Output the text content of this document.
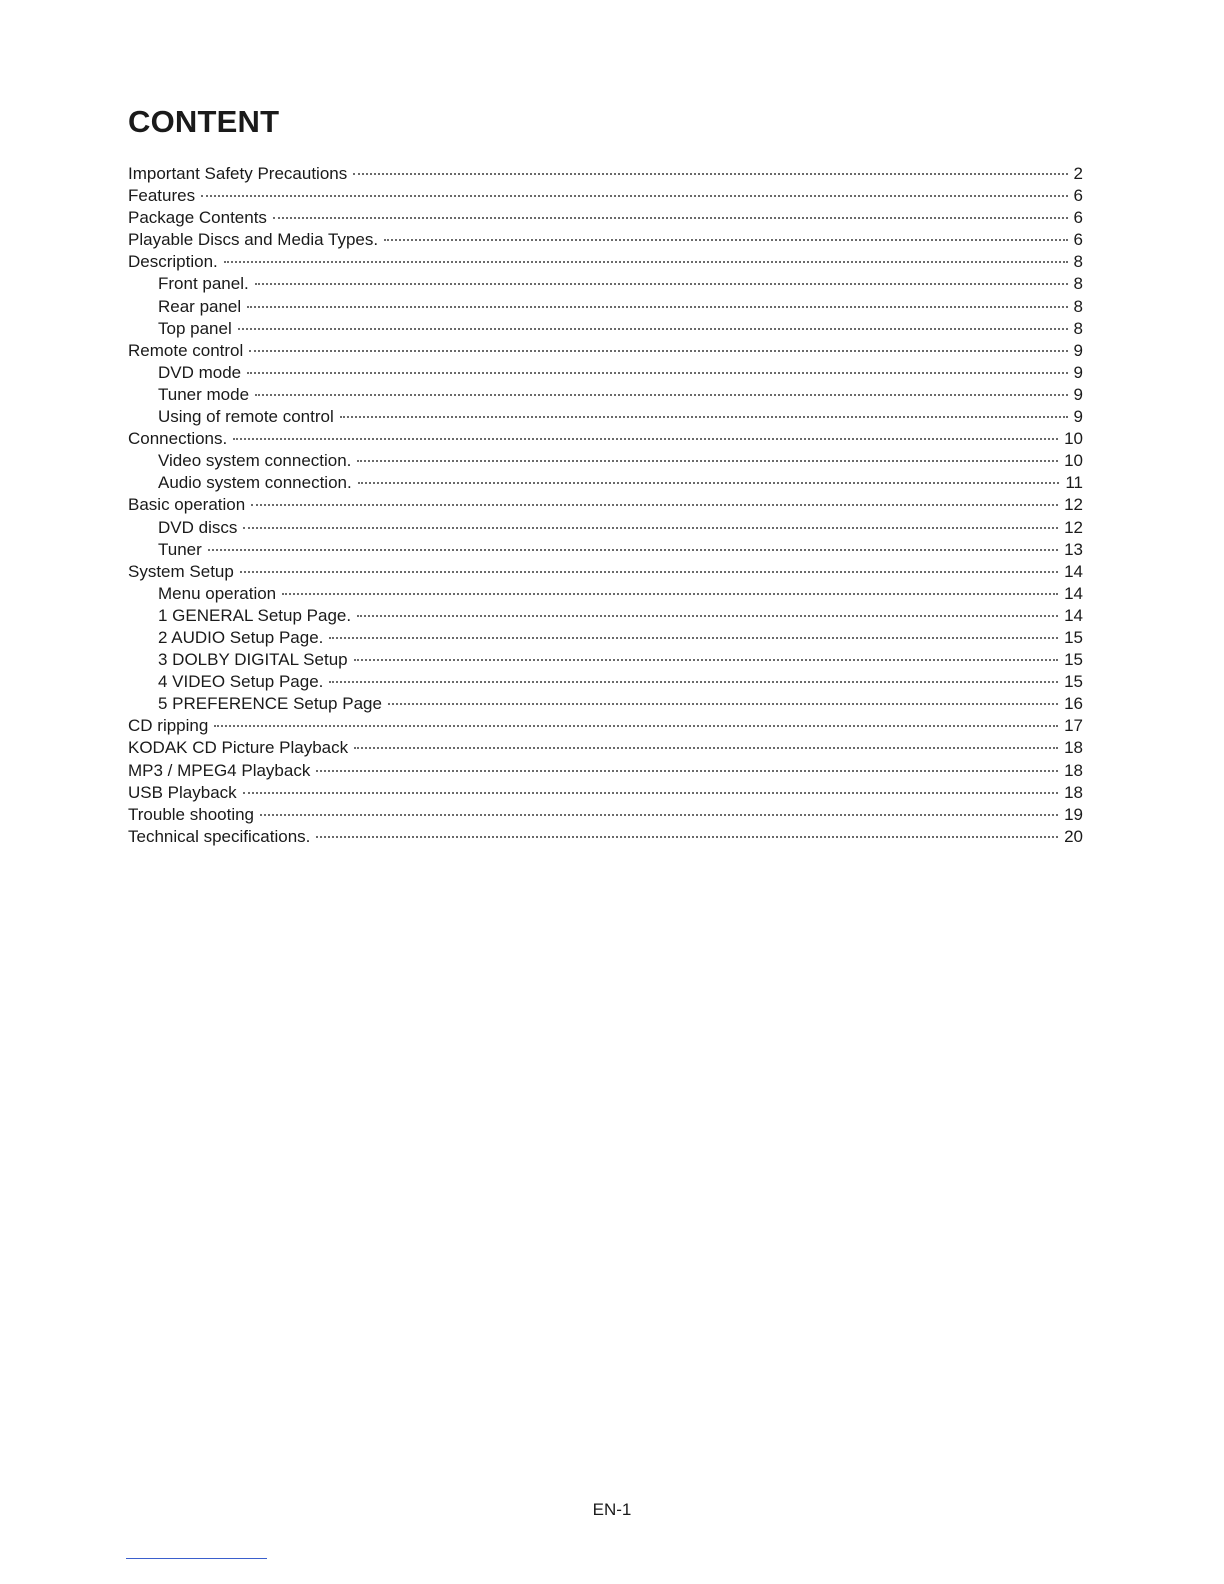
CONTENT
Important Safety Precautions	2
Features	6
Package Contents	6
Playable Discs and Media Types.	6
Description.	8
Front panel.	8
Rear panel	8
Top panel	8
Remote control	9
DVD mode	9
Tuner mode	9
Using of remote control	9
Connections.	10
Video system connection.	10
Audio system connection.	11
Basic operation	12
DVD discs	12
Tuner	13
System Setup	14
Menu operation	14
1 GENERAL Setup Page.	14
2 AUDIO Setup Page.	15
3 DOLBY DIGITAL Setup	15
4 VIDEO Setup Page.	15
5 PREFERENCE Setup Page	16
CD ripping	17
KODAK CD Picture Playback	18
MP3 / MPEG4 Playback	18
USB Playback	18
Trouble shooting	19
Technical specifications.	20
EN-1
